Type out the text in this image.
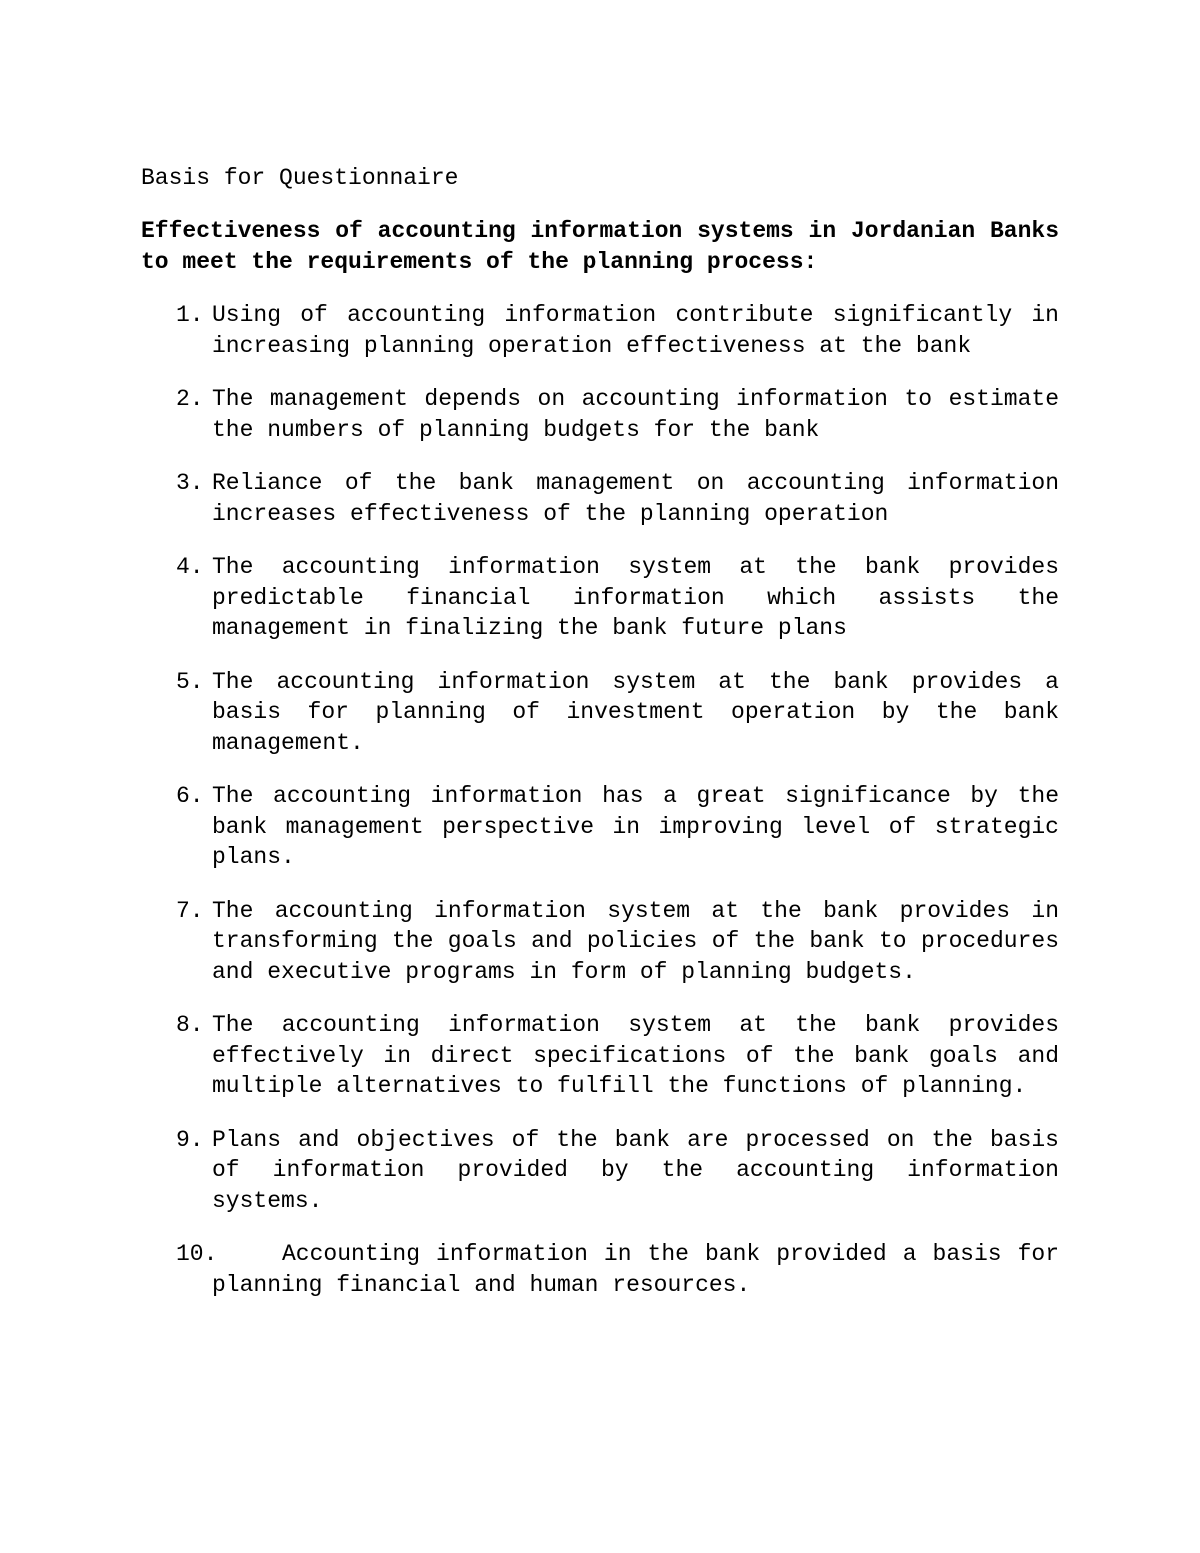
Basis for Questionnaire
Effectiveness of accounting information systems in Jordanian Banks to meet the requirements of the planning process:
1. Using of accounting information contribute significantly in increasing planning operation effectiveness at the bank
2. The management depends on accounting information to estimate the numbers of planning budgets for the bank
3. Reliance of the bank management on accounting information increases effectiveness of the planning operation
4. The accounting information system at the bank provides predictable financial information which assists the management in finalizing the bank future plans
5. The accounting information system at the bank provides a basis for planning of investment operation by the bank management.
6. The accounting information has a great significance by the bank management perspective in improving level of strategic plans.
7. The accounting information system at the bank provides in transforming the goals and policies of the bank to procedures and executive programs in form of planning budgets.
8. The accounting information system at the bank provides effectively in direct specifications of the bank goals and multiple alternatives to fulfill the functions of planning.
9. Plans and objectives of the bank are processed on the basis of information provided by the accounting information systems.
10.	Accounting information in the bank provided a basis for planning financial and human resources.
